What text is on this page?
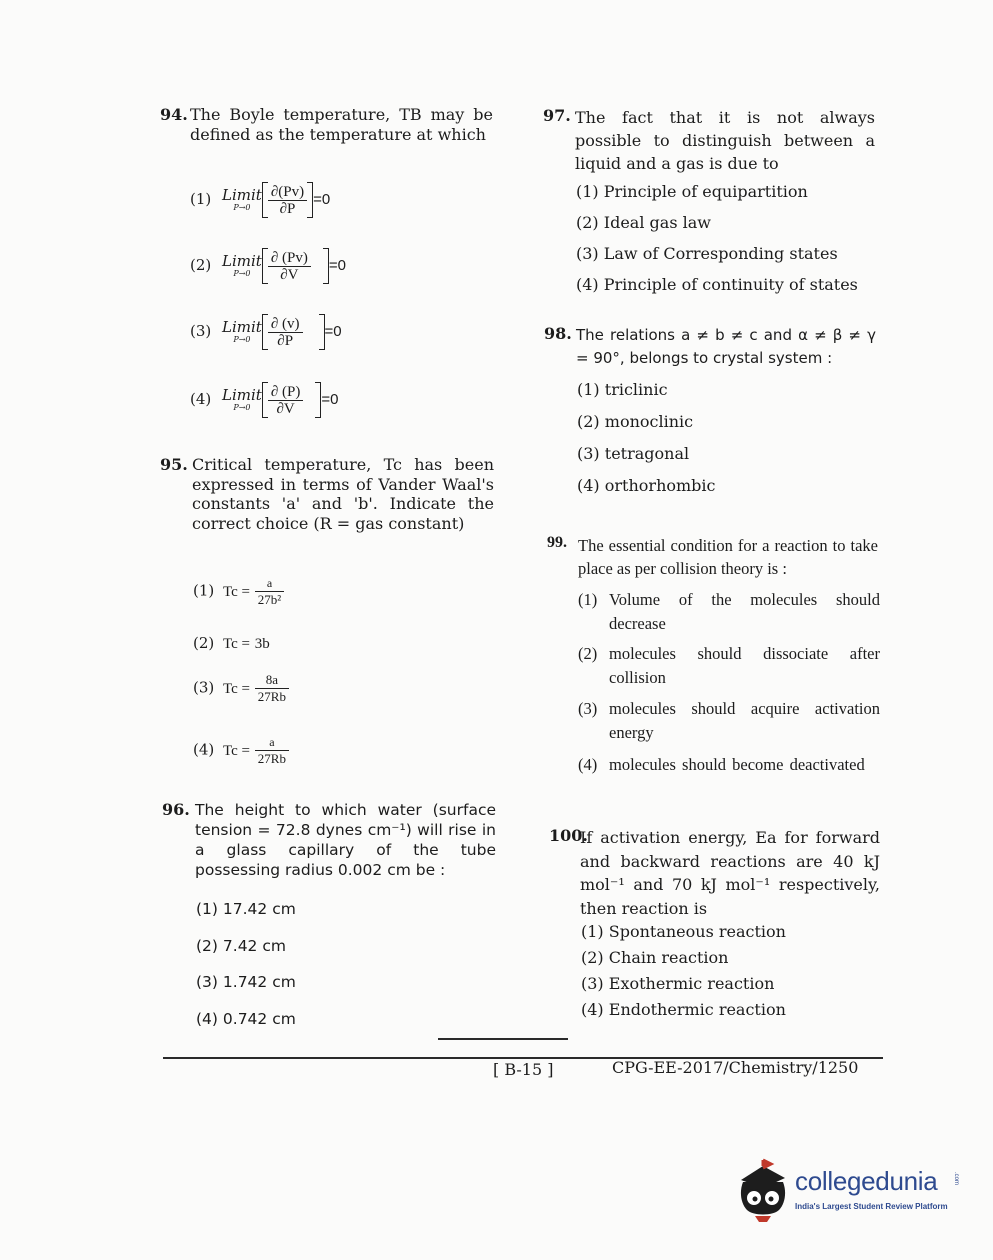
94. The Boyle temperature, TB may be defined as the temperature at which
(1) Limit
P→0	$\frac{\partial(Pv)}{\partial P} =0$
(2) Limit
P→0	$\frac{\partial (Pv)}{\partial V} =0$
(3) Limit
P→0	$\frac{\partial (v)}{\partial P} =0$
(4) Limit
P→0	$\frac{\partial (P)}{\partial V} =0$
95. Critical temperature, Tc has been expressed in terms of Vander Waal's constants 'a' and 'b'. Indicate the correct choice (R = gas constant)
(1) $Tc = \frac{a}{\text{27b²}}$
(2) Tc = 3b
(3) $Tc = \frac{8a}{27Rb}$
(4) $Tc = \frac{a}{27Rb}$
96. The height to which water (surface tension = 72.8 dynes cm⁻¹) will rise in a glass capillary of the tube possessing radius 0.002 cm be :
(1) 17.42 cm
(2) 7.42 cm
(3) 1.742 cm
(4) 0.742 cm
97. The fact that it is not always possible to distinguish between a liquid and a gas is due to
(1) Principle of equipartition
(2) Ideal gas law
(3) Law of Corresponding states
(4) Principle of continuity of states
98. The relations a ≠ b ≠ c and α ≠ β ≠ γ = 90°, belongs to crystal system :
(1) triclinic
(2) monoclinic
(3) tetragonal
(4) orthorhombic
99. The essential condition for a reaction to take place as per collision theory is :
(1) Volume of the molecules should decrease
(2) molecules should dissociate after collision
(3) molecules should acquire activation energy
(4) molecules should become deactivated
100.
If activation energy, Ea for forward and backward reactions are 40 kJ mol⁻¹ and 70 kJ mol⁻¹ respectively, then reaction is
(1) Spontaneous reaction
(2) Chain reaction
(3) Exothermic reaction
(4) Endothermic reaction
[ B-15 ]	CPG-EE-2017/Chemistry/1250
collegedunia	.com
India's Largest Student Review Platform
